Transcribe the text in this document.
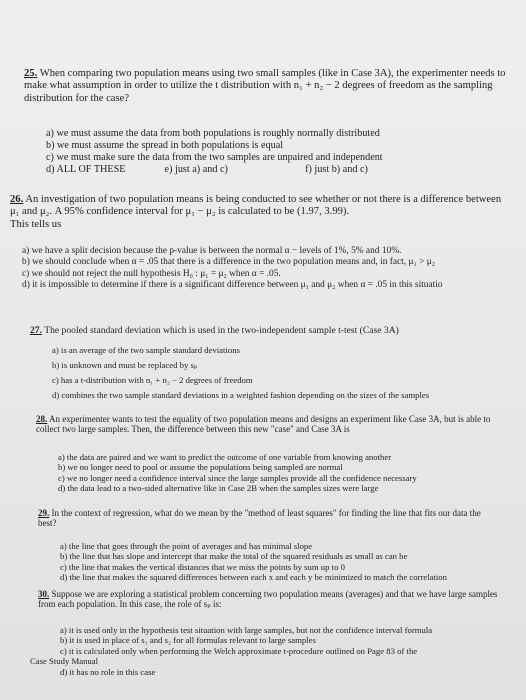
25. When comparing two population means using two small samples (like in Case 3A), the experimenter needs to make what assumption in order to utilize the t distribution with n₁ + n₂ − 2 degrees of freedom as the sampling distribution for the case?

a) we must assume the data from both populations is roughly normally distributed
b) we must assume the spread in both populations is equal
c) we must make sure the data from the two samples are unpaired and independent
d) ALL OF THESE	e) just a) and c)	f) just b) and c)

26. An investigation of two population means is being conducted to see whether or not there is a difference between μ₁ and μ₂. A 95% confidence interval for μ₁ − μ₂ is calculated to be (1.97, 3.99).

This tells us

a) we have a split decision because the p-value is between the normal α − levels of 1%, 5% and 10%.
b) we should conclude when α = .05 that there is a difference in the two population means and, in fact, μ₁ > μ₂
c) we should not reject the null hypothesis H₀ : μ₁ = μ₂ when α = .05.
d) it is impossible to determine if there is a significant difference between μ₁ and μ₂ when α = .05 in this situatio

27. The pooled standard deviation which is used in the two-independent sample t-test (Case 3A)

a) is an average of the two sample standard deviations
b) is unknown and must be replaced by sₚ
c) has a t-distribution with n₁ + n₂ − 2 degrees of freedom
d) combines the two sample standard deviations in a weighted fashion depending on the sizes of the samples

28. An experimenter wants to test the equality of two population means and designs an experiment like Case 3A, but is able to collect two large samples. Then, the difference between this new "case" and Case 3A is

a) the data are paired and we want to predict the outcome of one variable from knowing another
b) we no longer need to pool or assume the populations being sampled are normal
c) we no longer need a confidence interval since the large samples provide all the confidence necessary
d) the data lead to a two-sided alternative like in Case 2B when the samples sizes were large

29. In the context of regression, what do we mean by the "method of least squares" for finding the line that fits our data the best?

a) the line that goes through the point of averages and has minimal slope
b) the line that has slope and intercept that make the total of the squared residuals as small as can be
c) the line that makes the vertical distances that we miss the points by sum up to 0
d) the line that makes the squared differences between each x and each y be minimized to match the correlation

30. Suppose we are exploring a statistical problem concerning two population means (averages) and that we have large samples from each population. In this case, the role of sₚ is:

a) it is used only in the hypothesis test situation with large samples, but not the confidence interval formula
b) it is used in place of s₁ and s₂ for all formulas relevant to large samples
c) it is calculated only when performing the Welch approximate t-procedure outlined on Page 83 of the
Case Study Manual
d) it has no role in this case
